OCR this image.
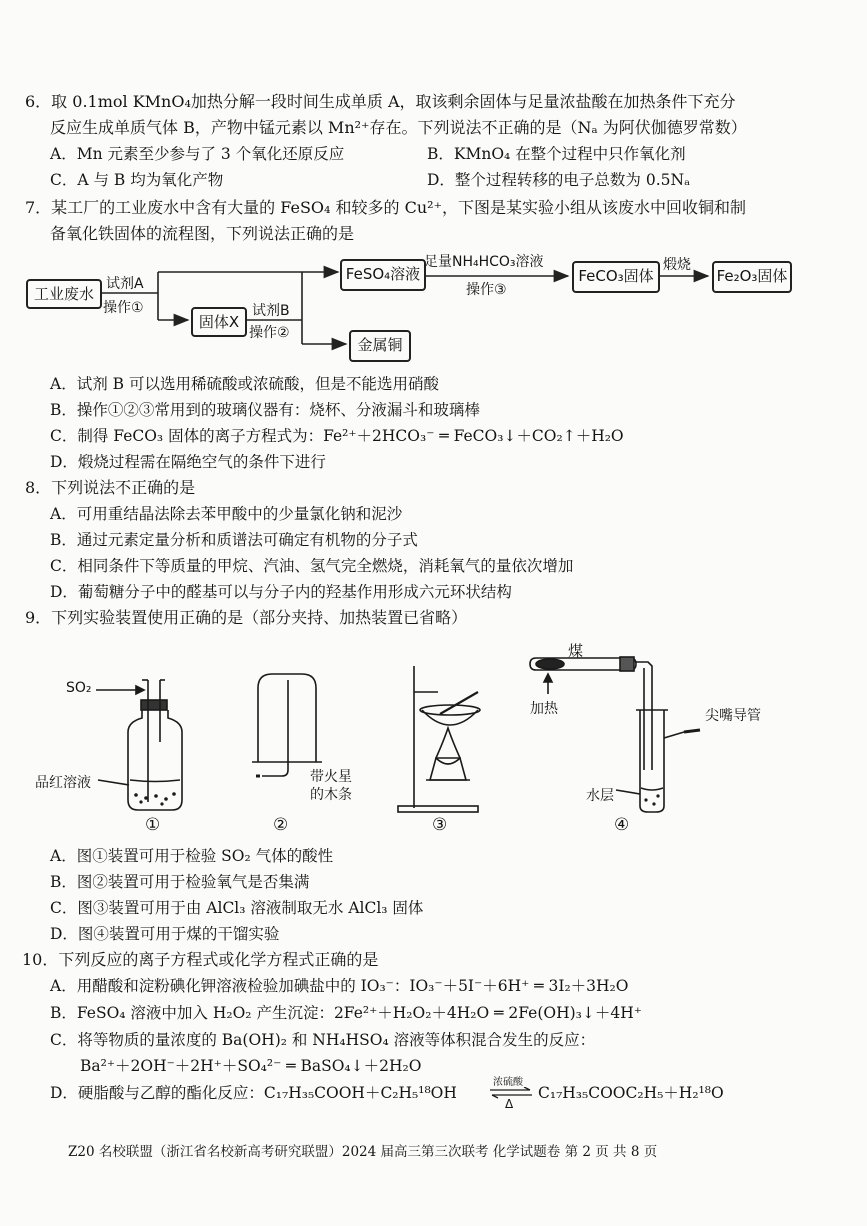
6．取 0.1mol KMnO₄加热分解一段时间生成单质 A，取该剩余固体与足量浓盐酸在加热条件下充分
反应生成单质气体 B，产物中锰元素以 Mn²⁺存在。下列说法不正确的是（Nₐ 为阿伏伽德罗常数）
A．Mn 元素至少参与了 3 个氧化还原反应	B．KMnO₄ 在整个过程中只作氧化剂
C．A 与 B 均为氧化产物	D．整个过程转移的电子总数为 0.5Nₐ
7．某工厂的工业废水中含有大量的 FeSO₄ 和较多的 Cu²⁺，下图是某实验小组从该废水中回收铜和制
备氧化铁固体的流程图，下列说法正确的是
工业废水
试剂A
操作①
FeSO₄溶液
足量NH₄HCO₃溶液
操作③
FeCO₃固体
煅烧
Fe₂O₃固体
固体X
试剂B
操作②
金属铜
A．试剂 B 可以选用稀硫酸或浓硫酸，但是不能选用硝酸
B．操作①②③常用到的玻璃仪器有：烧杯、分液漏斗和玻璃棒
C．制得 FeCO₃ 固体的离子方程式为：Fe²⁺＋2HCO₃⁻ ═ FeCO₃↓＋CO₂↑＋H₂O
D．煅烧过程需在隔绝空气的条件下进行
8．下列说法不正确的是
A．可用重结晶法除去苯甲酸中的少量氯化钠和泥沙
B．通过元素定量分析和质谱法可确定有机物的分子式
C．相同条件下等质量的甲烷、汽油、氢气完全燃烧，消耗氧气的量依次增加
D．葡萄糖分子中的醛基可以与分子内的羟基作用形成六元环状结构
9．下列实验装置使用正确的是（部分夹持、加热装置已省略）
SO₂
品红溶液	带火星
的木条
煤
加热	尖嘴导管
水层
①	②	③	④
A．图①装置可用于检验 SO₂ 气体的酸性
B．图②装置可用于检验氧气是否集满
C．图③装置可用于由 AlCl₃ 溶液制取无水 AlCl₃ 固体
D．图④装置可用于煤的干馏实验
10．下列反应的离子方程式或化学方程式正确的是
A．用醋酸和淀粉碘化钾溶液检验加碘盐中的 IO₃⁻：IO₃⁻＋5I⁻＋6H⁺ ═ 3I₂＋3H₂O
B．FeSO₄ 溶液中加入 H₂O₂ 产生沉淀：2Fe²⁺＋H₂O₂＋4H₂O ═ 2Fe(OH)₃↓＋4H⁺
C．将等物质的量浓度的 Ba(OH)₂ 和 NH₄HSO₄ 溶液等体积混合发生的反应：
Ba²⁺＋2OH⁻＋2H⁺＋SO₄²⁻ ═ BaSO₄↓＋2H₂O
D．硬脂酸与乙醇的酯化反应：C₁₇H₃₅COOH＋C₂H₅¹⁸OH
浓硫酸
Δ
C₁₇H₃₅COOC₂H₅＋H₂¹⁸O
Z20 名校联盟（浙江省名校新高考研究联盟）2024 届高三第三次联考 化学试题卷 第 2 页 共 8 页
